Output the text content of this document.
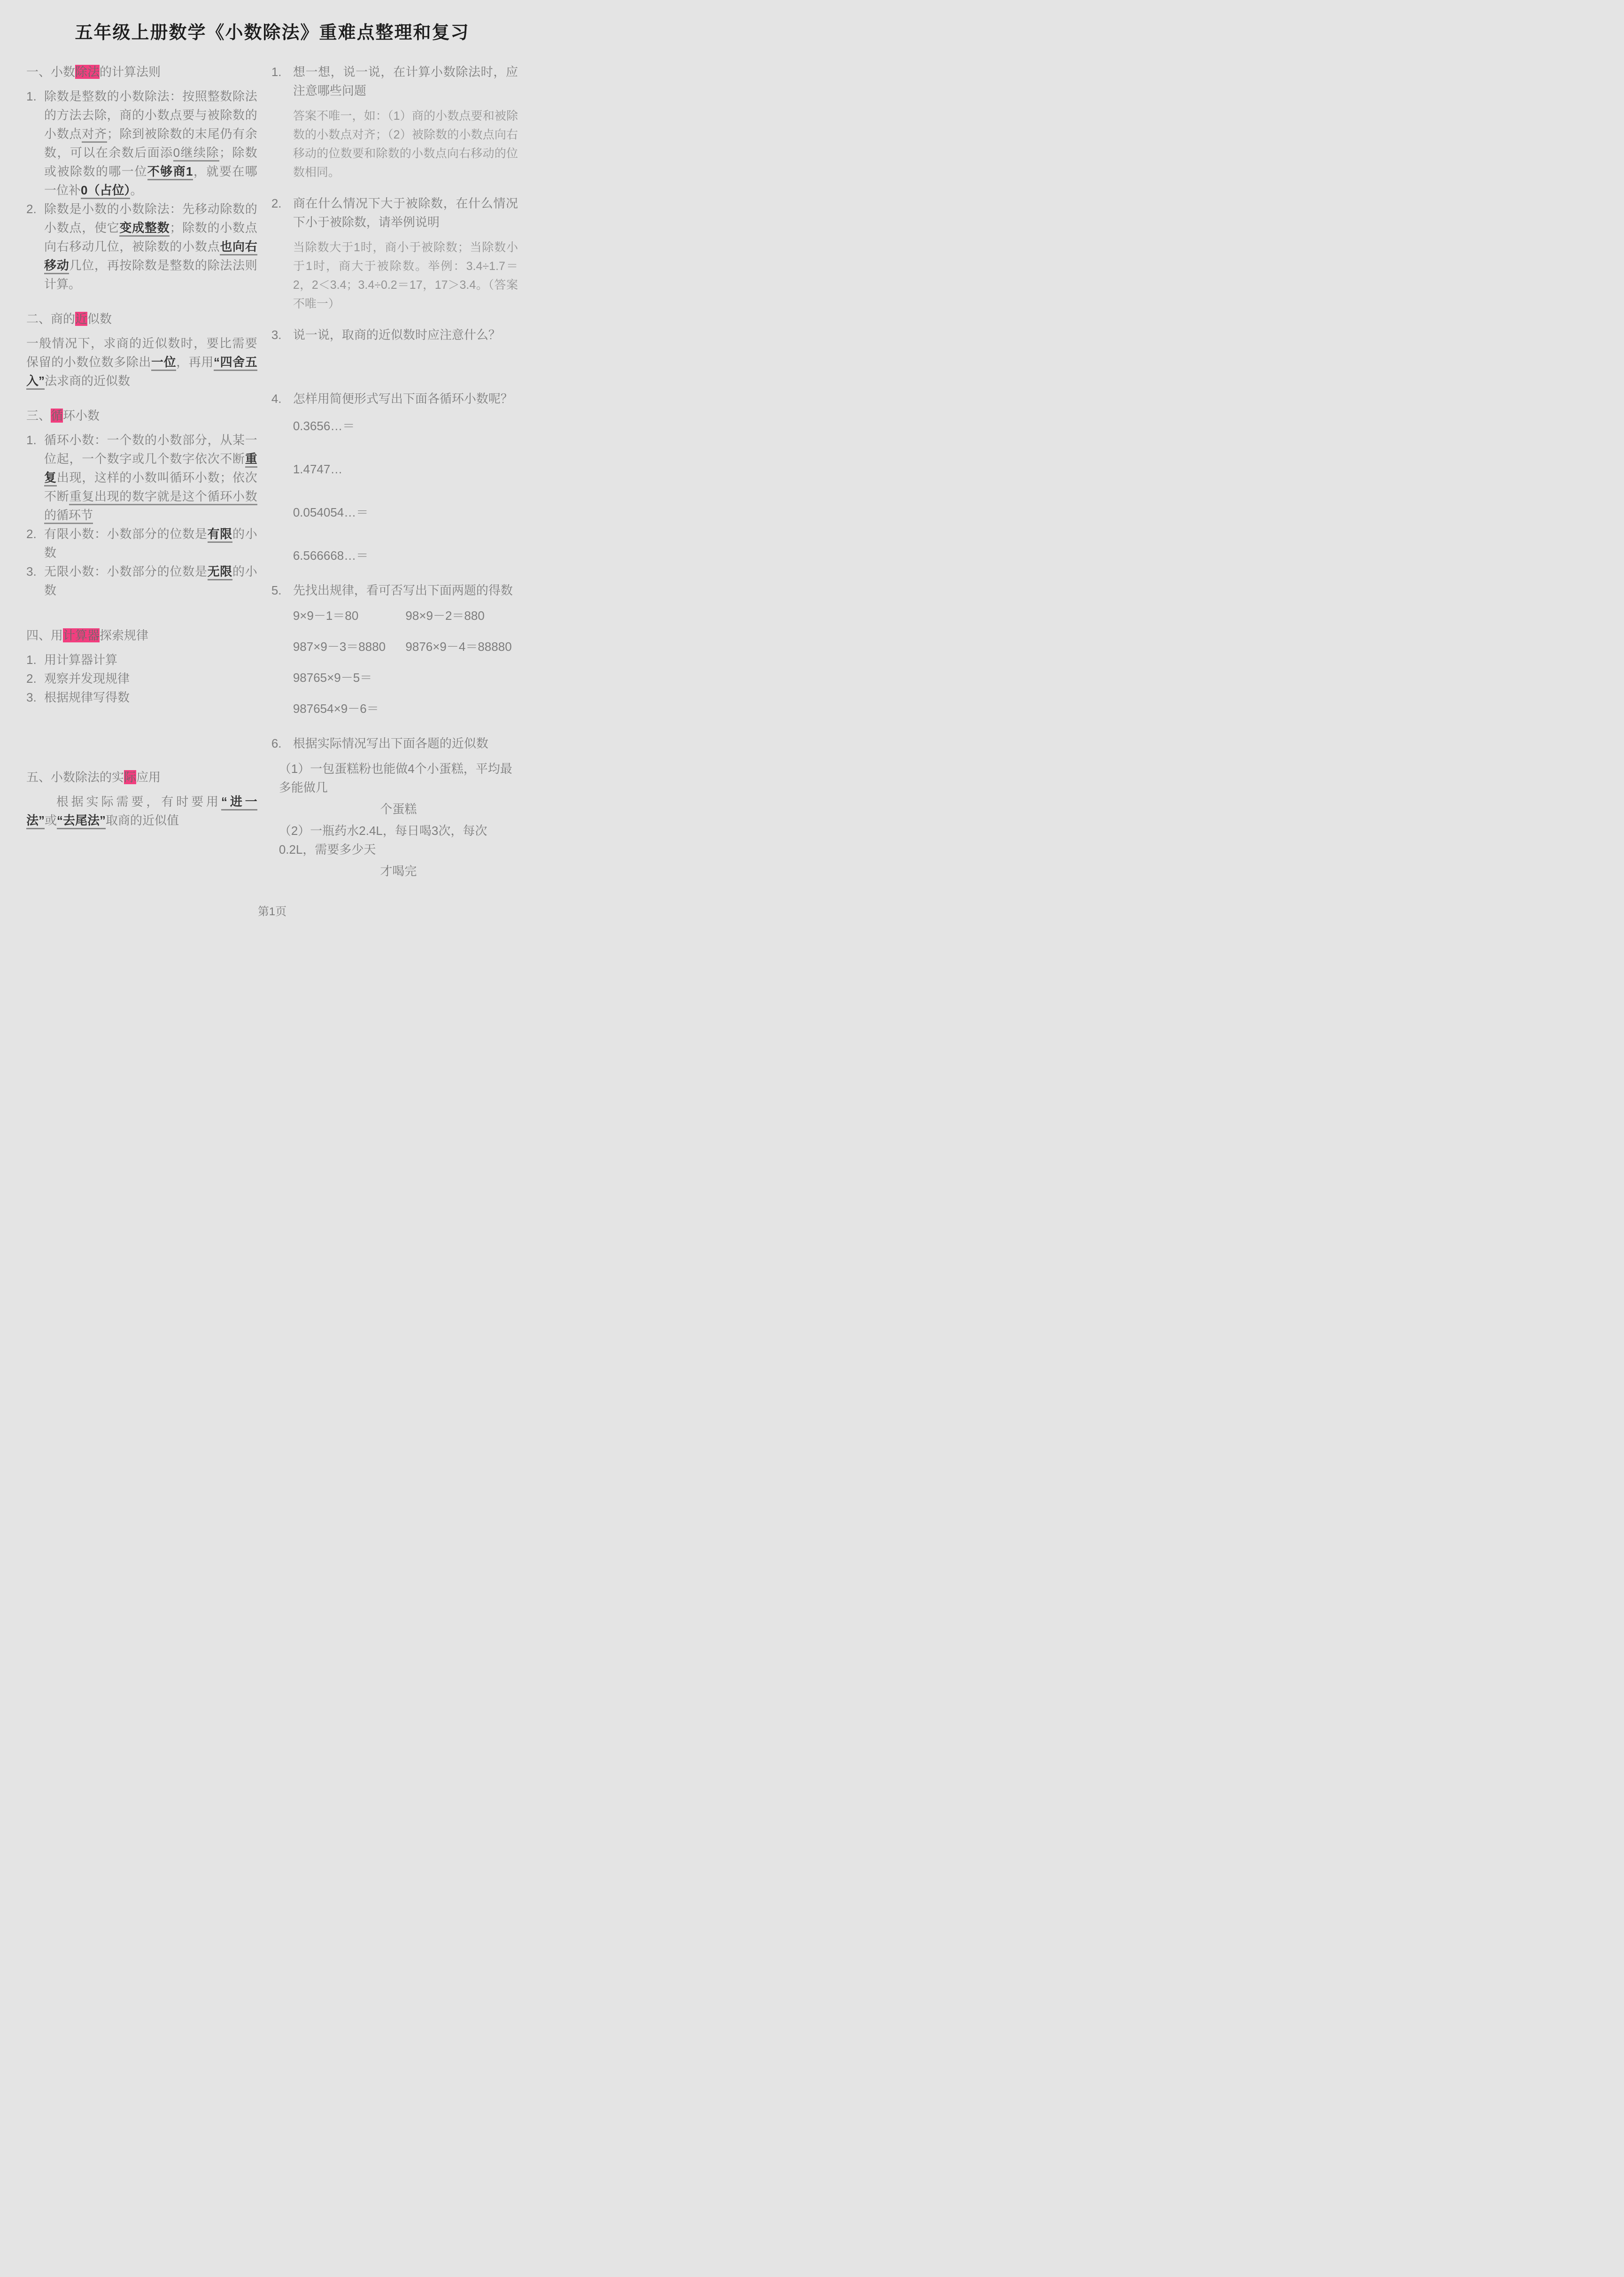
五年级上册数学《小数除法》重难点整理和复习
一、小数除法的计算法则
1. 除数是整数的小数除法：按照整数除法的方法去除，商的小数点要与被除数的小数点对齐；除到被除数的末尾仍有余数，可以在余数后面添0继续除；除数或被除数的哪一位不够商1，就要在哪一位补0（占位）。
2. 除数是小数的小数除法：先移动除数的小数点，使它变成整数；除数的小数点向右移动几位，被除数的小数点也向右移动几位，再按除数是整数的除法法则计算。
二、商的近似数
一般情况下，求商的近似数时，要比需要保留的小数位数多除出一位，再用“四舍五入”法求商的近似数
三、循环小数
1. 循环小数：一个数的小数部分，从某一位起，一个数字或几个数字依次不断重复出现，这样的小数叫循环小数；依次不断重复出现的数字就是这个循环小数的循环节
2. 有限小数：小数部分的位数是有限的小数
3. 无限小数：小数部分的位数是无限的小数
四、用计算器探索规律
1. 用计算器计算
2. 观察并发现规律
3. 根据规律写得数
五、小数除法的实际应用
　　根据实际需要，有时要用“进一法”或“去尾法”取商的近似值
1. 想一想，说一说，在计算小数除法时，应注意哪些问题
答案不唯一，如：（1）商的小数点要和被除数的小数点对齐；（2）被除数的小数点向右移动的位数要和除数的小数点向右移动的位数相同。
2. 商在什么情况下大于被除数，在什么情况下小于被除数，请举例说明
当除数大于1时，商小于被除数；当除数小于1时，商大于被除数。举例：3.4÷1.7＝2，2＜3.4；3.4÷0.2＝17，17＞3.4。（答案不唯一）
3. 说一说，取商的近似数时应注意什么？
4. 怎样用简便形式写出下面各循环小数呢？
0.3656…＝
1.4747…
0.054054…＝
6.566668…＝
5. 先找出规律，看可否写出下面两题的得数
9×9－1＝80	98×9－2＝880
987×9－3＝8880	9876×9－4＝88880
98765×9－5＝
987654×9－6＝
6. 根据实际情况写出下面各题的近似数
（1）一包蛋糕粉也能做4个小蛋糕，平均最多能做几
个蛋糕
（2）一瓶药水2.4L，每日喝3次，每次0.2L，需要多少天
才喝完
第1页
